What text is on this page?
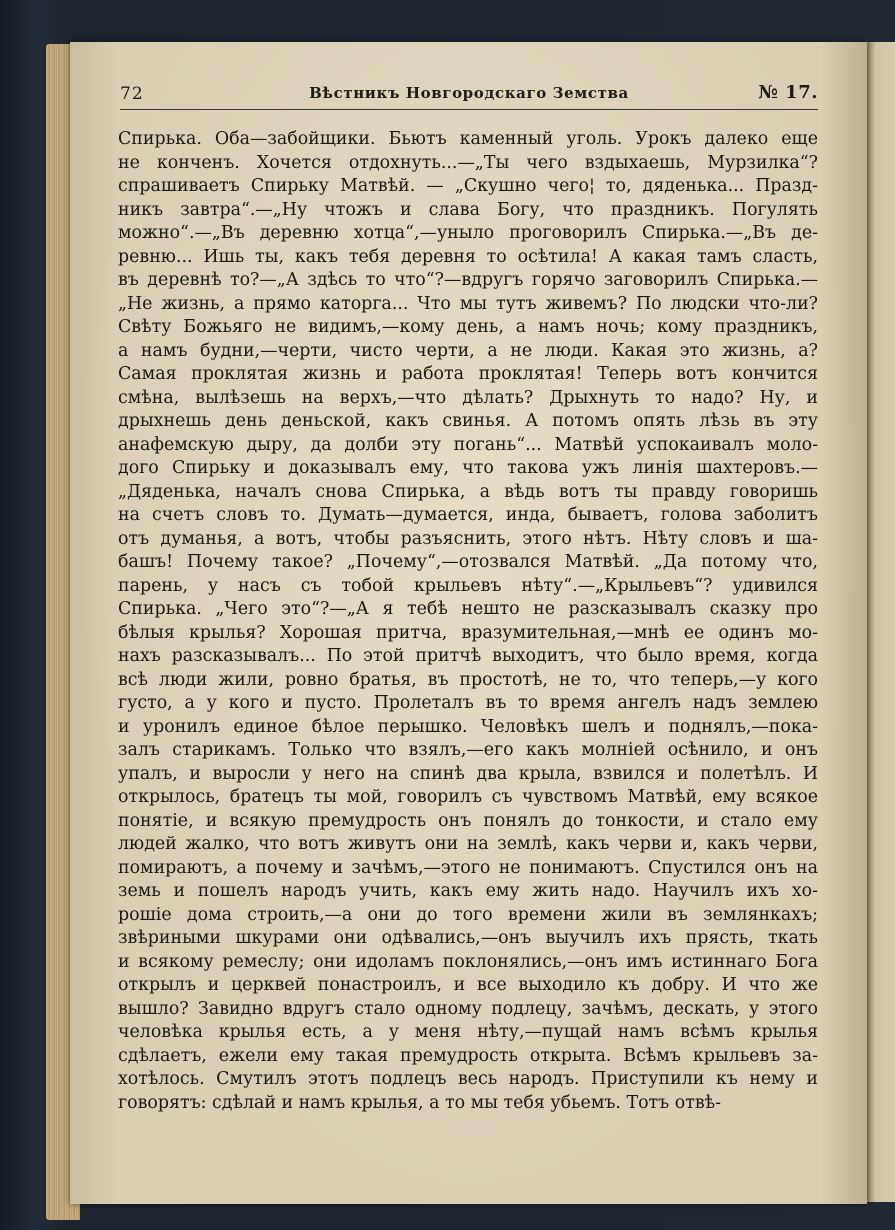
72	Вѣстникъ Новгородскаго Земства	№ 17.
Спирька. Оба—забойщики. Бьютъ каменный уголь. Урокъ далеко еще
не конченъ. Хочется отдохнуть...—„Ты чего вздыхаешь, Мурзилка“?
спрашиваетъ Спирьку Матвѣй. — „Скушно чего¦ то, дяденька... Празд-
никъ завтра“.—„Ну чтожъ и слава Богу, что праздникъ. Погулять
можно“.—„Въ деревню хотца“,—уныло проговорилъ Спирька.—„Въ де-
ревню... Ишь ты, какъ тебя деревня то осѣтила! А какая тамъ сласть,
въ деревнѣ то?—„А здѣсь то что“?—вдругъ горячо заговорилъ Спирька.—
„Не жизнь, а прямо каторга... Что мы тутъ живемъ? По людски что-ли?
Свѣту Божьяго не видимъ,—кому день, а намъ ночь; кому праздникъ,
а намъ будни,—черти, чисто черти, а не люди. Какая это жизнь, а?
Самая проклятая жизнь и работа проклятая! Теперь вотъ кончится
смѣна, вылѣзешь на верхъ,—что дѣлать? Дрыхнуть то надо? Ну, и
дрыхнешь день деньской, какъ свинья. А потомъ опять лѣзь въ эту
анафемскую дыру, да долби эту погань“... Матвѣй успокаивалъ моло-
дого Спирьку и доказывалъ ему, что такова ужъ линія шахтеровъ.—
„Дяденька, началъ снова Спирька, а вѣдь вотъ ты правду говоришь
на счетъ словъ то. Думать—думается, инда, бываетъ, голова заболитъ
отъ думанья, а вотъ, чтобы разъяснить, этого нѣтъ. Нѣту словъ и ша-
башъ! Почему такое? „Почему“,—отозвался Матвѣй. „Да потому что,
парень, у насъ съ тобой крыльевъ нѣту“.—„Крыльевъ“? удивился
Спирька. „Чего это“?—„А я тебѣ нешто не разсказывалъ сказку про
бѣлыя крылья? Хорошая притча, вразумительная,—мнѣ ее одинъ мо-
нахъ разсказывалъ... По этой притчѣ выходитъ, что было время, когда
всѣ люди жили, ровно братья, въ простотѣ, не то, что теперь,—у кого
густо, а у кого и пусто. Пролеталъ въ то время ангелъ надъ землею
и уронилъ единое бѣлое перышко. Человѣкъ шелъ и поднялъ,—пока-
залъ старикамъ. Только что взялъ,—его какъ молніей осѣнило, и онъ
упалъ, и выросли у него на спинѣ два крыла, взвился и полетѣлъ. И
открылось, братецъ ты мой, говорилъ съ чувствомъ Матвѣй, ему всякое
понятіе, и всякую премудрость онъ понялъ до тонкости, и стало ему
людей жалко, что вотъ живутъ они на землѣ, какъ черви и, какъ черви,
помираютъ, а почему и зачѣмъ,—этого не понимаютъ. Спустился онъ на
земь и пошелъ народъ учить, какъ ему жить надо. Научилъ ихъ хо-
рошіе дома строить,—а они до того времени жили въ землянкахъ;
звѣриными шкурами они одѣвались,—онъ выучилъ ихъ прясть, ткать
и всякому ремеслу; они идоламъ поклонялись,—онъ имъ истиннаго Бога
открылъ и церквей понастроилъ, и все выходило къ добру. И что же
вышло? Завидно вдругъ стало одному подлецу, зачѣмъ, дескать, у этого
человѣка крылья есть, а у меня нѣту,—пущай намъ всѣмъ крылья
сдѣлаетъ, ежели ему такая премудрость открыта. Всѣмъ крыльевъ за-
хотѣлось. Смутилъ этотъ подлецъ весь народъ. Приступили къ нему и
говорятъ: сдѣлай и намъ крылья, а то мы тебя убьемъ. Тотъ отвѣ-
